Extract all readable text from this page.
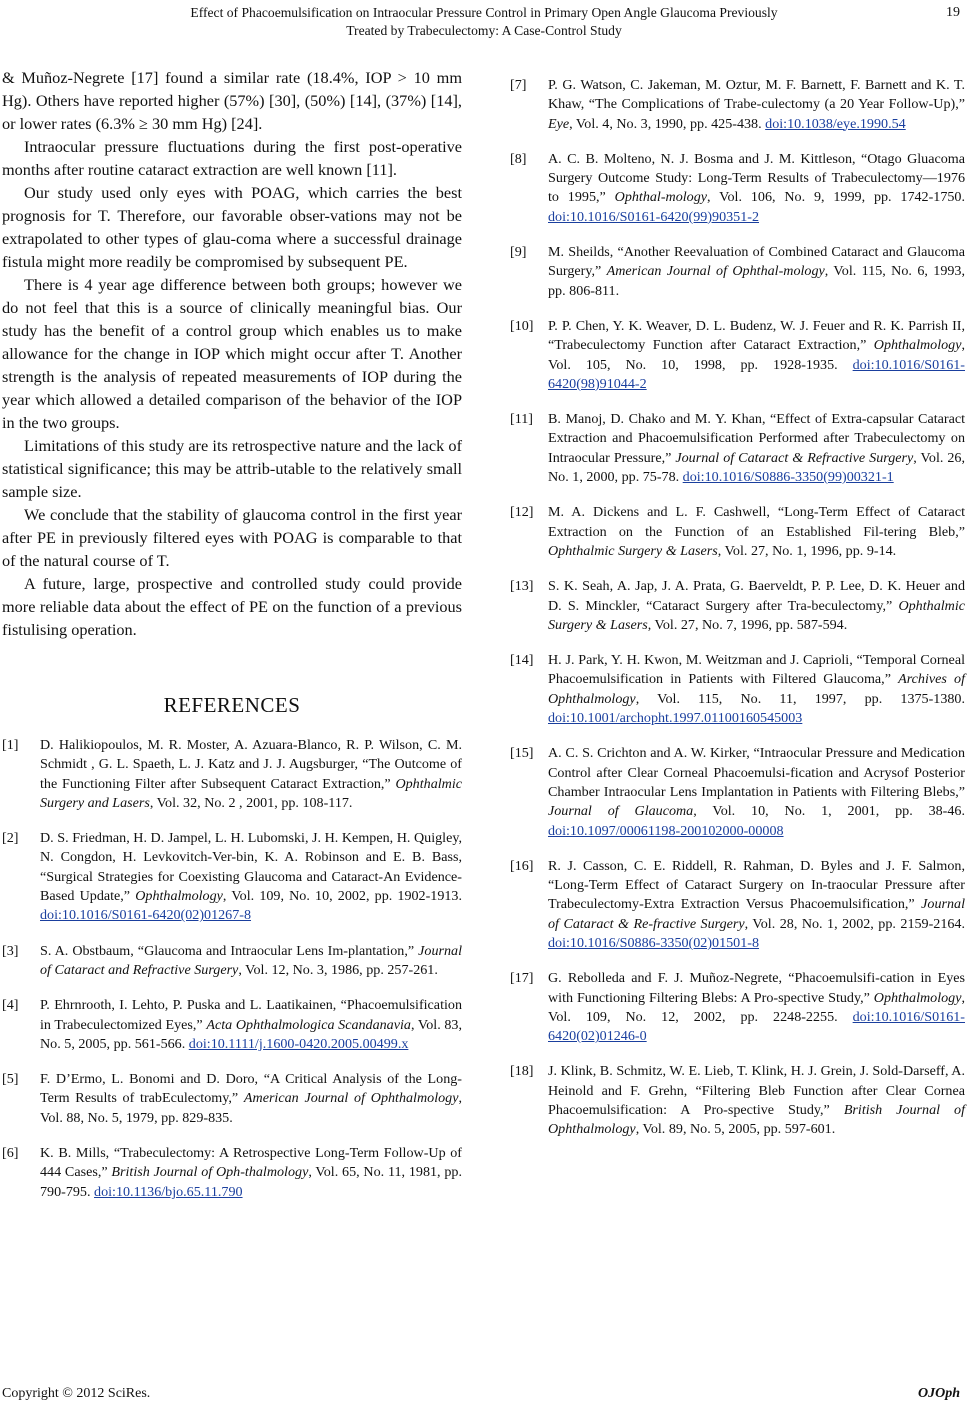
Effect of Phacoemulsification on Intraocular Pressure Control in Primary Open Angle Glaucoma Previously
Treated by Trabeculectomy: A Case-Control Study
19

& Muñoz-Negrete [17] found a similar rate (18.4%, IOP > 10 mm Hg). Others have reported higher (57%) [30], (50%) [14], (37%) [14], or lower rates (6.3% ≥ 30 mm Hg) [24].

Intraocular pressure fluctuations during the first post-operative months after routine cataract extraction are well known [11].

Our study used only eyes with POAG, which carries the best prognosis for T. Therefore, our favorable obser-vations may not be extrapolated to other types of glau-coma where a successful drainage fistula might more readily be compromised by subsequent PE.

There is 4 year age difference between both groups; however we do not feel that this is a source of clinically meaningful bias. Our study has the benefit of a control group which enables us to make allowance for the change in IOP which might occur after T. Another strength is the analysis of repeated measurements of IOP during the year which allowed a detailed comparison of the behavior of the IOP in the two groups.

Limitations of this study are its retrospective nature and the lack of statistical significance; this may be attrib-utable to the relatively small sample size.

We conclude that the stability of glaucoma control in the first year after PE in previously filtered eyes with POAG is comparable to that of the natural course of T.

A future, large, prospective and controlled study could provide more reliable data about the effect of PE on the function of a previous fistulising operation.

REFERENCES
[1] D. Halikiopoulos, M. R. Moster, A. Azuara-Blanco, R. P. Wilson, C. M. Schmidt , G. L. Spaeth, L. J. Katz and J. J. Augsburger, “The Outcome of the Functioning Filter after Subsequent Cataract Extraction,” Ophthalmic Surgery and Lasers, Vol. 32, No. 2 , 2001, pp. 108-117.
[2] D. S. Friedman, H. D. Jampel, L. H. Lubomski, J. H. Kempen, H. Quigley, N. Congdon, H. Levkovitch-Ver-bin, K. A. Robinson and E. B. Bass, “Surgical Strategies for Coexisting Glaucoma and Cataract-An Evidence-Based Update,” Ophthalmology, Vol. 109, No. 10, 2002, pp. 1902-1913. doi:10.1016/S0161-6420(02)01267-8
[3] S. A. Obstbaum, “Glaucoma and Intraocular Lens Im-plantation,” Journal of Cataract and Refractive Surgery, Vol. 12, No. 3, 1986, pp. 257-261.
[4] P. Ehrnrooth, I. Lehto, P. Puska and L. Laatikainen, “Phacoemulsification in Trabeculectomized Eyes,” Acta Ophthalmologica Scandanavia, Vol. 83, No. 5, 2005, pp. 561-566. doi:10.1111/j.1600-0420.2005.00499.x
[5] F. D’Ermo, L. Bonomi and D. Doro, “A Critical Analysis of the Long-Term Results of trabEculectomy,” American Journal of Ophthalmology, Vol. 88, No. 5, 1979, pp. 829-835.
[6] K. B. Mills, “Trabeculectomy: A Retrospective Long-Term Follow-Up of 444 Cases,” British Journal of Oph-thalmology, Vol. 65, No. 11, 1981, pp. 790-795. doi:10.1136/bjo.65.11.790
[7] P. G. Watson, C. Jakeman, M. Oztur, M. F. Barnett, F. Barnett and K. T. Khaw, “The Complications of Trabe-culectomy (a 20 Year Follow-Up),” Eye, Vol. 4, No. 3, 1990, pp. 425-438. doi:10.1038/eye.1990.54
[8] A. C. B. Molteno, N. J. Bosma and J. M. Kittleson, “Otago Gluacoma Surgery Outcome Study: Long-Term Results of Trabeculectomy—1976 to 1995,” Ophthal-mology, Vol. 106, No. 9, 1999, pp. 1742-1750. doi:10.1016/S0161-6420(99)90351-2
[9] M. Sheilds, “Another Reevaluation of Combined Cataract and Glaucoma Surgery,” American Journal of Ophthal-mology, Vol. 115, No. 6, 1993, pp. 806-811.
[10] P. P. Chen, Y. K. Weaver, D. L. Budenz, W. J. Feuer and R. K. Parrish II, “Trabeculectomy Function after Cataract Extraction,” Ophthalmology, Vol. 105, No. 10, 1998, pp. 1928-1935. doi:10.1016/S0161-6420(98)91044-2
[11] B. Manoj, D. Chako and M. Y. Khan, “Effect of Extra-capsular Cataract Extraction and Phacoemulsification Performed after Trabeculectomy on Intraocular Pressure,” Journal of Cataract & Refractive Surgery, Vol. 26, No. 1, 2000, pp. 75-78. doi:10.1016/S0886-3350(99)00321-1
[12] M. A. Dickens and L. F. Cashwell, “Long-Term Effect of Cataract Extraction on the Function of an Established Fil-tering Bleb,” Ophthalmic Surgery & Lasers, Vol. 27, No. 1, 1996, pp. 9-14.
[13] S. K. Seah, A. Jap, J. A. Prata, G. Baerveldt, P. P. Lee, D. K. Heuer and D. S. Minckler, “Cataract Surgery after Tra-beculectomy,” Ophthalmic Surgery & Lasers, Vol. 27, No. 7, 1996, pp. 587-594.
[14] H. J. Park, Y. H. Kwon, M. Weitzman and J. Caprioli, “Temporal Corneal Phacoemulsification in Patients with Filtered Glaucoma,” Archives of Ophthalmology, Vol. 115, No. 11, 1997, pp. 1375-1380. doi:10.1001/archopht.1997.01100160545003
[15] A. C. S. Crichton and A. W. Kirker, “Intraocular Pressure and Medication Control after Clear Corneal Phacoemulsi-fication and Acrysof Posterior Chamber Intraocular Lens Implantation in Patients with Filtering Blebs,” Journal of Glaucoma, Vol. 10, No. 1, 2001, pp. 38-46. doi:10.1097/00061198-200102000-00008
[16] R. J. Casson, C. E. Riddell, R. Rahman, D. Byles and J. F. Salmon, “Long-Term Effect of Cataract Surgery on In-traocular Pressure after Trabeculectomy-Extra Extraction Versus Phacoemulsification,” Journal of Cataract & Re-fractive Surgery, Vol. 28, No. 1, 2002, pp. 2159-2164. doi:10.1016/S0886-3350(02)01501-8
[17] G. Rebolleda and F. J. Muñoz-Negrete, “Phacoemulsifi-cation in Eyes with Functioning Filtering Blebs: A Pro-spective Study,” Ophthalmology, Vol. 109, No. 12, 2002, pp. 2248-2255. doi:10.1016/S0161-6420(02)01246-0
[18] J. Klink, B. Schmitz, W. E. Lieb, T. Klink, H. J. Grein, J. Sold-Darseff, A. Heinold and F. Grehn, “Filtering Bleb Function after Clear Cornea Phacoemulsification: A Pro-spective Study,” British Journal of Ophthalmology, Vol. 89, No. 5, 2005, pp. 597-601.
Copyright © 2012 SciRes.	OJOph
